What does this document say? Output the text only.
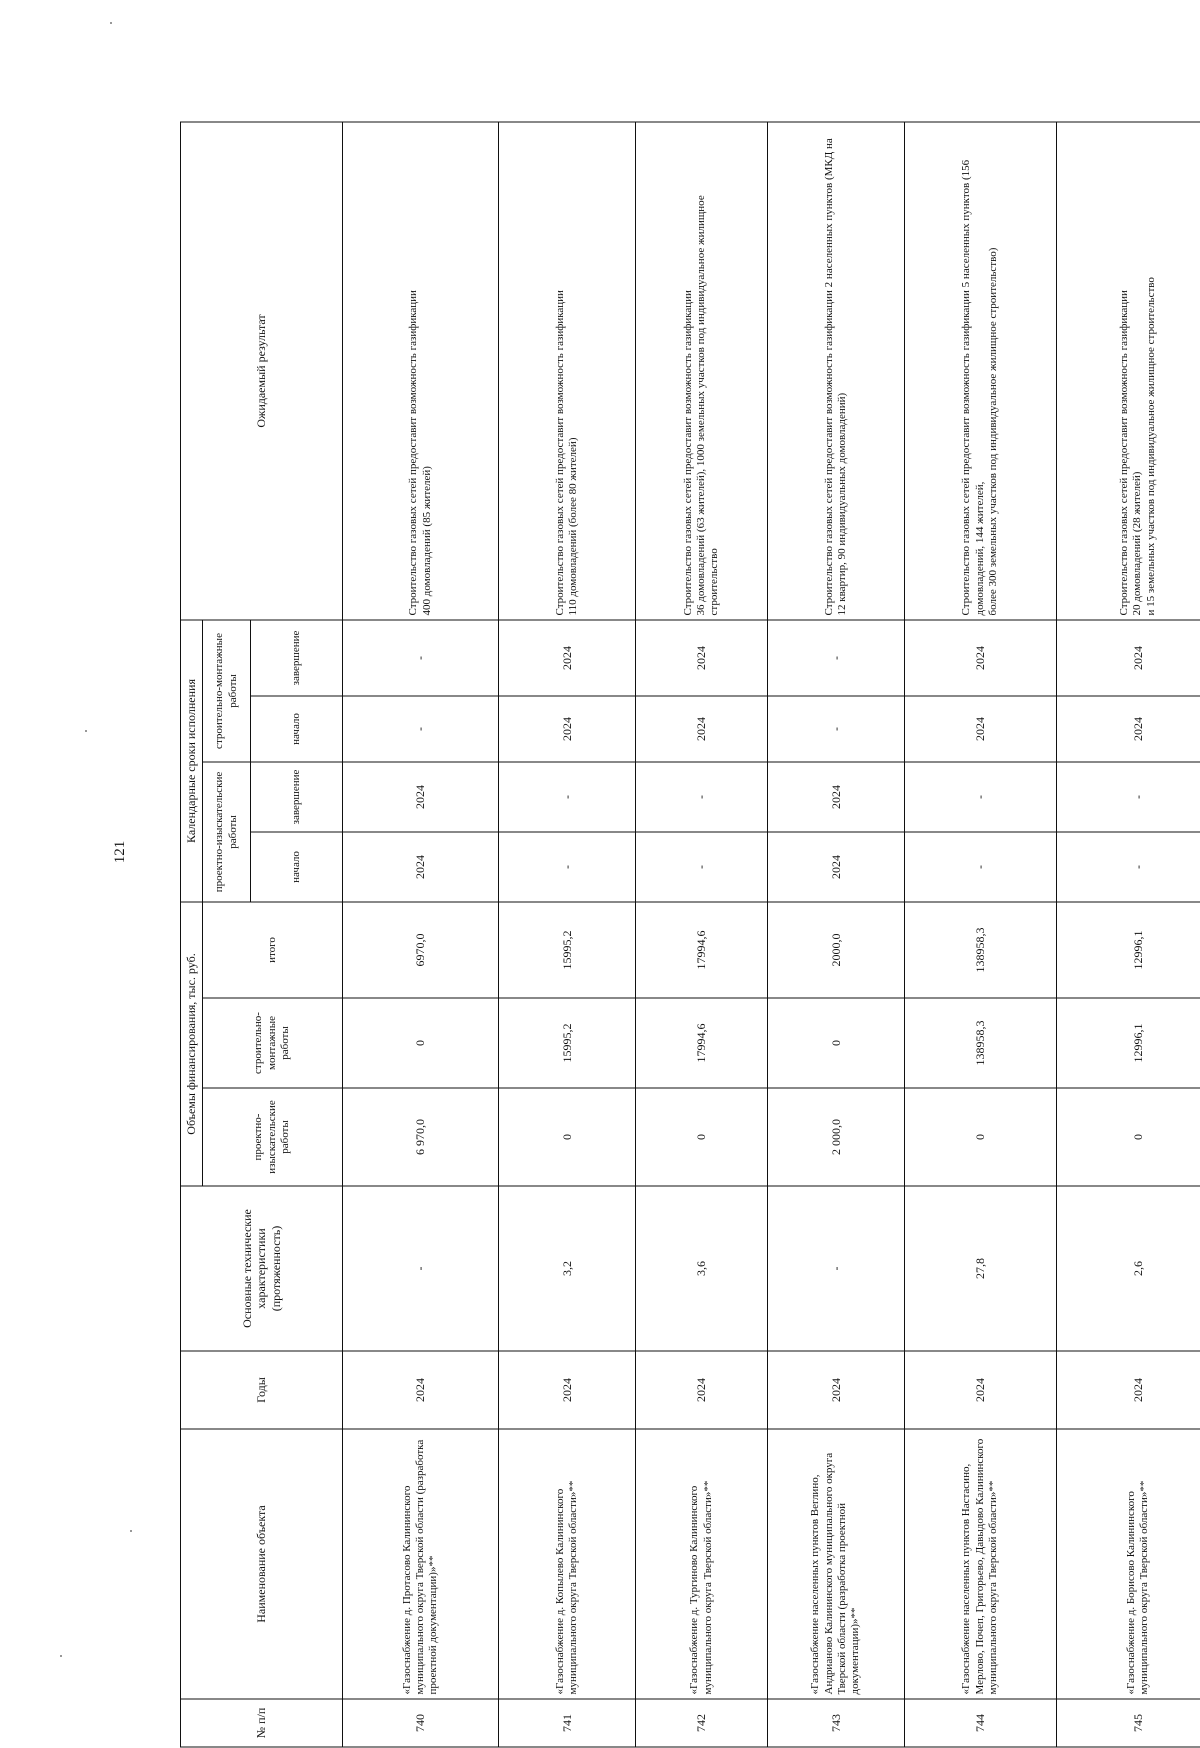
121
№ п/п	Наименование объекта	Годы	Основные технические характеристики (протяженность)	Объемы финансирования, тыс. руб.			Календарные сроки исполнения				Ожидаемый результат
				проектно-изыскательские работы	строительно-монтажные работы	итого	проектно-изыскательские работы		строительно-монтажные работы		
							начало	завершение	начало	завершение	
740	«Газоснабжение д. Протасово Калининского муниципального округа Тверской области (разработка проектной документации)»**	2024	-	6 970,0	0	6970,0	2024	2024	-	-	Строительство газовых сетей предоставит возможность газификации 400 домовладений (85 жителей)

741	«Газоснабжение д. Копылево Калининского муниципального округа Тверской области»**	2024	3,2	0	15995,2	15995,2	-	-	2024	2024	Строительство газовых сетей предоставит возможность газификации 110 домовладений (более 80 жителей)

742	«Газоснабжение д. Тургиново Калининского муниципального округа Тверской области»**	2024	3,6	0	17994,6	17994,6	-	-	2024	2024	Строительство газовых сетей предоставит возможность газификации 36 домовладений (63 жителей), 1000 земельных участков под индивидуальное жилищное строительство

743	«Газоснабжение населенных пунктов Веглино, Андрианово Калининского муниципального округа Тверской области (разработка проектной документации)»**	2024	-	2 000,0	0	2000,0	2024	2024	-	-	Строительство газовых сетей предоставит возможность газификации 2 населенных пунктов (МКД на 12 квартир, 90 индивидуальных домовладений)

744	«Газоснабжение населенных пунктов Настасино, Мерлово, Почеп, Григорьево, Давыдово Калининского муниципального округа Тверской области»**	2024	27,8	0	138958,3	138958,3	-	-	2024	2024	Строительство газовых сетей предоставит возможность газификации 5 населенных пунктов (156 домовладений, 144 жителей, более 300 земельных участков под индивидуальное жилищное строительство)

745	«Газоснабжение д. Борисово Калининского муниципального округа Тверской области»**	2024	2,6	0	12996,1	12996,1	-	-	2024	2024	Строительство газовых сетей предоставит возможность газификации 20 домовладений (28 жителей) и 15 земельных участков под индивидуальное жилищное строительство
